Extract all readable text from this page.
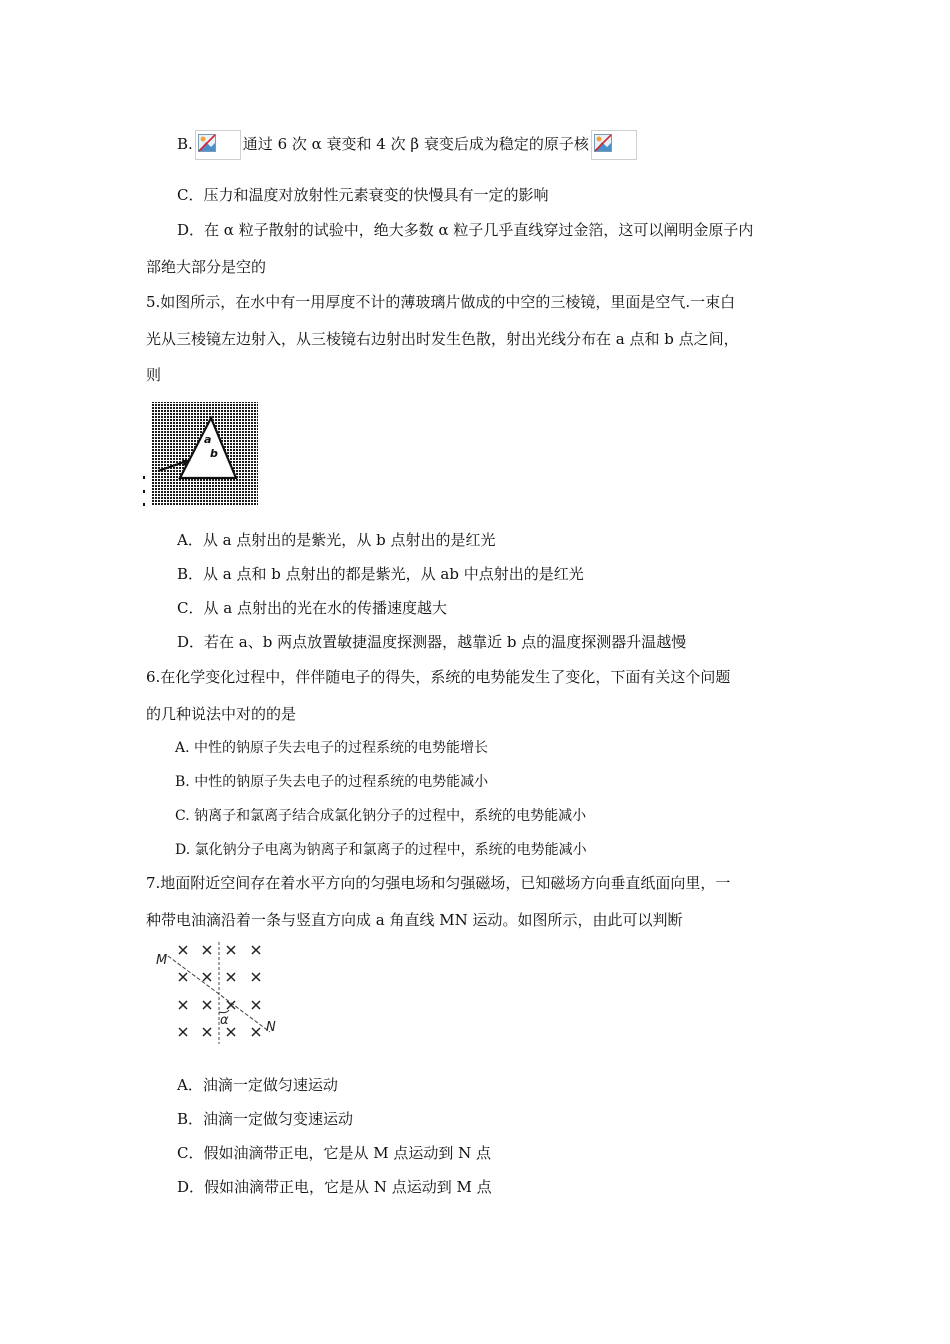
B.	通过 6 次 α 衰变和 4 次 β 衰变后成为稳定的原子核
C．压力和温度对放射性元素衰变的快慢具有一定的影响
D．在 α 粒子散射的试验中，绝大多数 α 粒子几乎直线穿过金箔，这可以阐明金原子内
部绝大部分是空的
5.如图所示，在水中有一用厚度不计的薄玻璃片做成的中空的三棱镜，里面是空气.一束白
光从三棱镜左边射入，从三棱镜右边射出时发生色散，射出光线分布在 a 点和 b 点之间，
则
a
b
A．从 a 点射出的是紫光，从 b 点射出的是红光
B．从 a 点和 b 点射出的都是紫光，从 ab 中点射出的是红光
C．从 a 点射出的光在水的传播速度越大
D．若在 a、b 两点放置敏捷温度探测器，越靠近 b 点的温度探测器升温越慢
6.在化学变化过程中，伴伴随电子的得失，系统的电势能发生了变化，下面有关这个问题
的几种说法中对的的是
A. 中性的钠原子失去电子的过程系统的电势能增长
B. 中性的钠原子失去电子的过程系统的电势能减小
C. 钠离子和氯离子结合成氯化钠分子的过程中，系统的电势能减小
D. 氯化钠分子电离为钠离子和氯离子的过程中，系统的电势能减小
7.地面附近空间存在着水平方向的匀强电场和匀强磁场，已知磁场方向垂直纸面向里，一
种带电油滴沿着一条与竖直方向成 a 角直线 MN 运动。如图所示，由此可以判断
M
N
α
A．油滴一定做匀速运动
B．油滴一定做匀变速运动
C．假如油滴带正电，它是从 M 点运动到 N 点
D．假如油滴带正电，它是从 N 点运动到 M 点
